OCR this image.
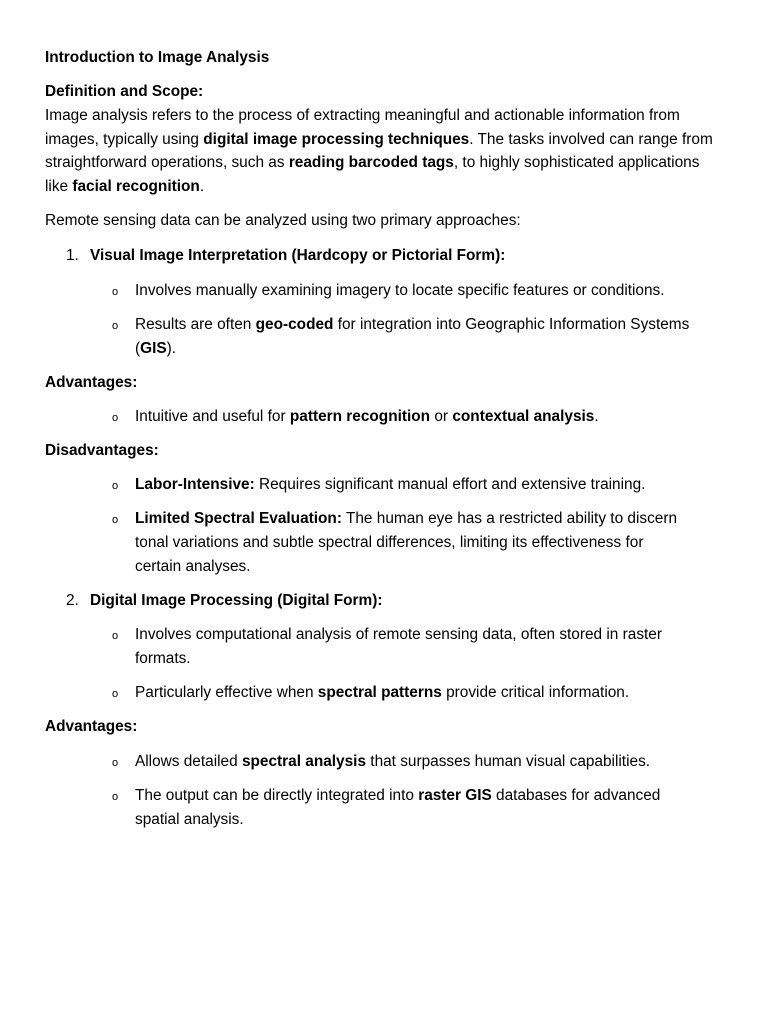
Introduction to Image Analysis
Definition and Scope:
Image analysis refers to the process of extracting meaningful and actionable information from
images, typically using digital image processing techniques. The tasks involved can range from
straightforward operations, such as reading barcoded tags, to highly sophisticated applications
like facial recognition.
Remote sensing data can be analyzed using two primary approaches:
1. Visual Image Interpretation (Hardcopy or Pictorial Form):
o Involves manually examining imagery to locate specific features or conditions.
o Results are often geo-coded for integration into Geographic Information Systems
(GIS).
Advantages:
o Intuitive and useful for pattern recognition or contextual analysis.
Disadvantages:
o Labor-Intensive: Requires significant manual effort and extensive training.
o Limited Spectral Evaluation: The human eye has a restricted ability to discern
tonal variations and subtle spectral differences, limiting its effectiveness for
certain analyses.
2. Digital Image Processing (Digital Form):
o Involves computational analysis of remote sensing data, often stored in raster
formats.
o Particularly effective when spectral patterns provide critical information.
Advantages:
o Allows detailed spectral analysis that surpasses human visual capabilities.
o The output can be directly integrated into raster GIS databases for advanced
spatial analysis.
